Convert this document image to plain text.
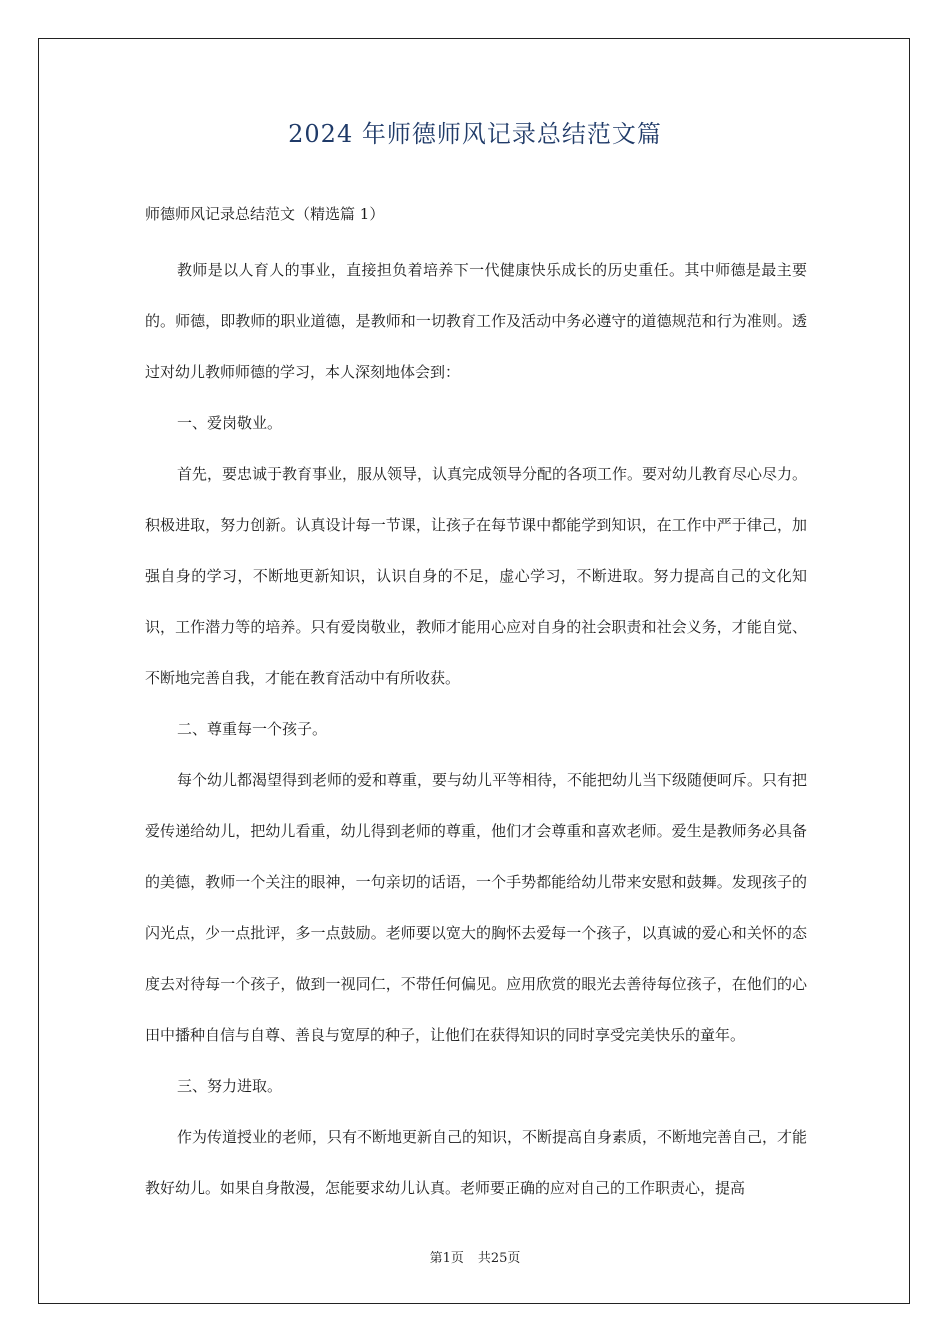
2024 年师德师风记录总结范文篇

师德师风记录总结范文（精选篇 1）

教师是以人育人的事业，直接担负着培养下一代健康快乐成长的历史重任。其中师德是最主要的。师德，即教师的职业道德，是教师和一切教育工作及活动中务必遵守的道德规范和行为准则。透过对幼儿教师师德的学习，本人深刻地体会到：

一、爱岗敬业。

首先，要忠诚于教育事业，服从领导，认真完成领导分配的各项工作。要对幼儿教育尽心尽力。积极进取，努力创新。认真设计每一节课，让孩子在每节课中都能学到知识，在工作中严于律己，加强自身的学习，不断地更新知识，认识自身的不足，虚心学习，不断进取。努力提高自己的文化知识，工作潜力等的培养。只有爱岗敬业，教师才能用心应对自身的社会职责和社会义务，才能自觉、不断地完善自我，才能在教育活动中有所收获。

二、尊重每一个孩子。

每个幼儿都渴望得到老师的爱和尊重，要与幼儿平等相待，不能把幼儿当下级随便呵斥。只有把爱传递给幼儿，把幼儿看重，幼儿得到老师的尊重，他们才会尊重和喜欢老师。爱生是教师务必具备的美德，教师一个关注的眼神，一句亲切的话语，一个手势都能给幼儿带来安慰和鼓舞。发现孩子的闪光点，少一点批评，多一点鼓励。老师要以宽大的胸怀去爱每一个孩子，以真诚的爱心和关怀的态度去对待每一个孩子，做到一视同仁，不带任何偏见。应用欣赏的眼光去善待每位孩子，在他们的心田中播种自信与自尊、善良与宽厚的种子，让他们在获得知识的同时享受完美快乐的童年。

三、努力进取。

作为传道授业的老师，只有不断地更新自己的知识，不断提高自身素质，不断地完善自己，才能教好幼儿。如果自身散漫，怎能要求幼儿认真。老师要正确的应对自己的工作职责心，提高

第1页 共25页
